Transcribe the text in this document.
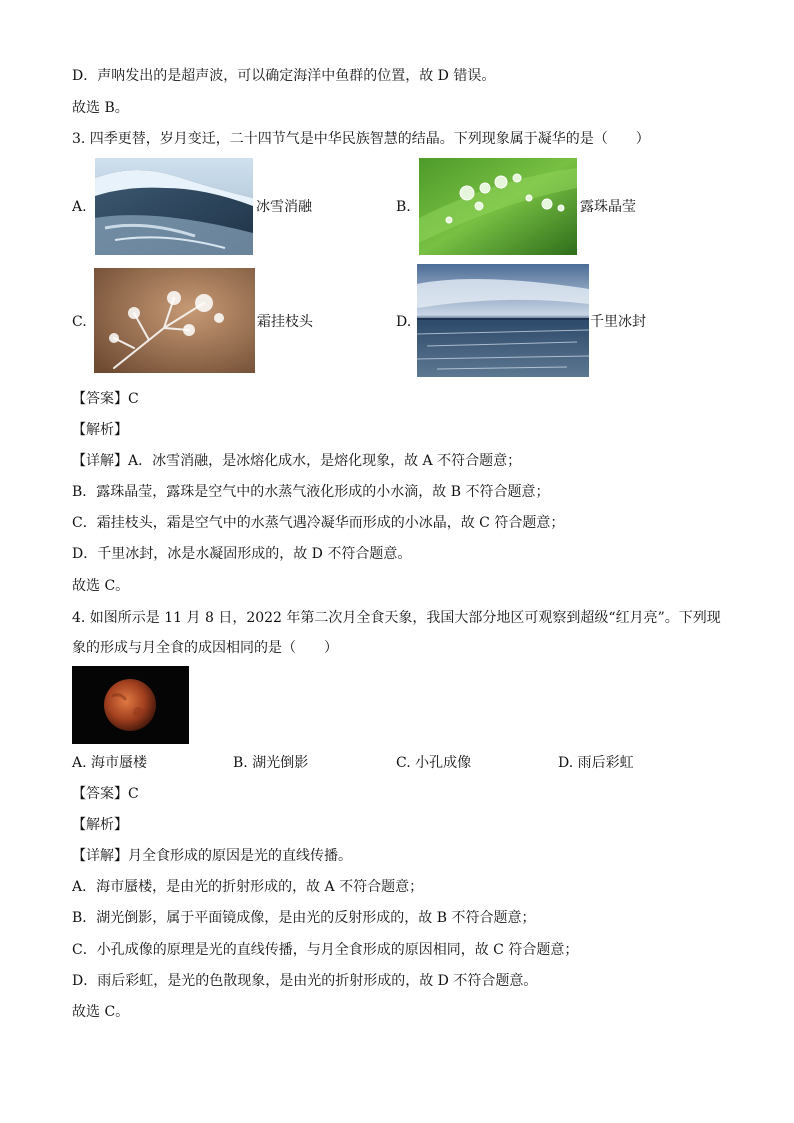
D．声呐发出的是超声波，可以确定海洋中鱼群的位置，故 D 错误。
故选 B。
3. 四季更替，岁月变迁，二十四节气是中华民族智慧的结晶。下列现象属于凝华的是（　　）
A.	冰雪消融	B.	露珠晶莹
C.	霜挂枝头	D.	千里冰封
【答案】C
【解析】
【详解】A．冰雪消融，是冰熔化成水，是熔化现象，故 A 不符合题意；
B．露珠晶莹，露珠是空气中的水蒸气液化形成的小水滴，故 B 不符合题意；
C．霜挂枝头，霜是空气中的水蒸气遇冷凝华而形成的小冰晶，故 C 符合题意；
D．千里冰封，冰是水凝固形成的，故 D 不符合题意。
故选 C。
4. 如图所示是 11 月 8 日，2022 年第二次月全食天象，我国大部分地区可观察到超级“红月亮”。下列现
象的形成与月全食的成因相同的是（　　）
A. 海市蜃楼	B. 湖光倒影	C. 小孔成像	D. 雨后彩虹
【答案】C
【解析】
【详解】月全食形成的原因是光的直线传播。
A．海市蜃楼，是由光的折射形成的，故 A 不符合题意；
B．湖光倒影，属于平面镜成像，是由光的反射形成的，故 B 不符合题意；
C．小孔成像的原理是光的直线传播，与月全食形成的原因相同，故 C 符合题意；
D．雨后彩虹，是光的色散现象，是由光的折射形成的，故 D 不符合题意。
故选 C。
